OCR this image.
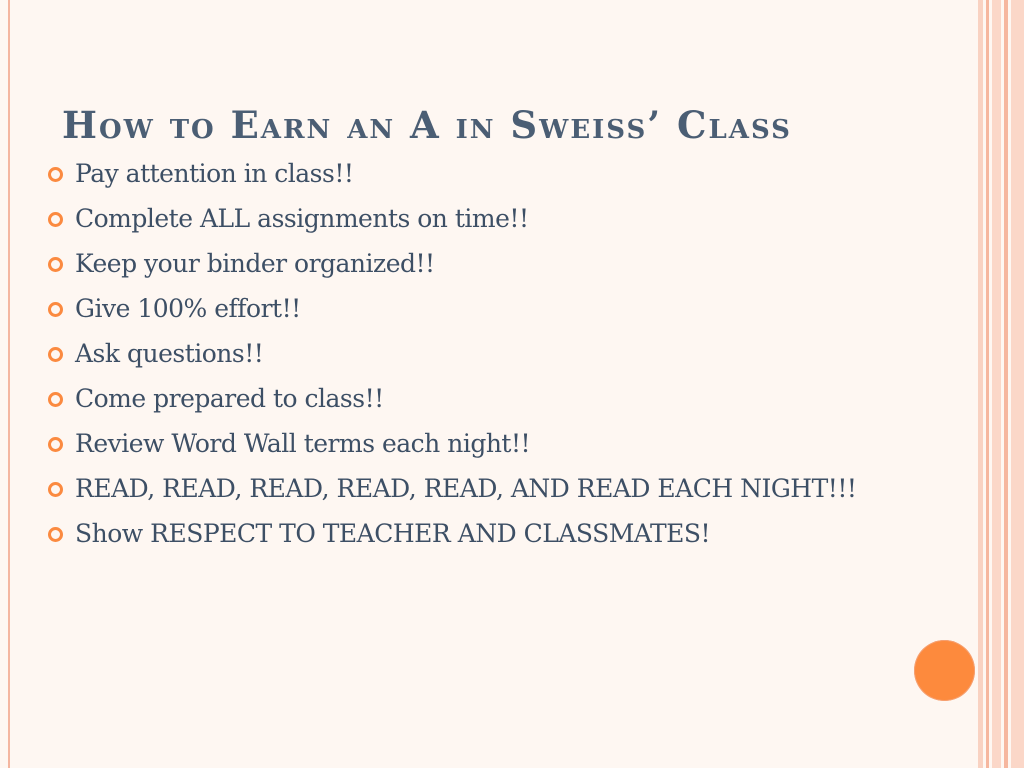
How to Earn an A in Sweiss’ Class
Pay attention in class!!
Complete ALL assignments on time!!
Keep your binder organized!!
Give 100% effort!!
Ask questions!!
Come prepared to class!!
Review Word Wall terms each night!!
READ, READ, READ, READ, READ, AND READ EACH NIGHT!!!
Show RESPECT TO TEACHER AND CLASSMATES!
